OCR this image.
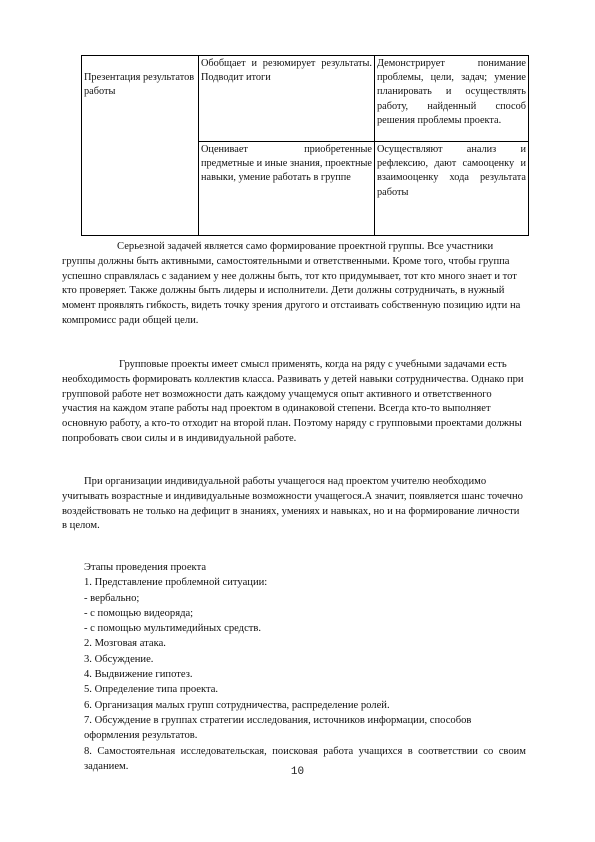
Презентация результатов работы	Обобщает и резюмирует результаты. Подводит итоги	Демонстрирует понимание проблемы, цели, задач; умение планировать и осуществлять работу, найденный способ решения проблемы проекта.
	Оценивает приобретенные предметные и иные знания, проектные навыки, умение работать в группе	Осуществляют анализ и рефлексию, дают самооценку и взаимооценку хода результата работы
Серьезной задачей является само формирование проектной группы. Все участники группы должны быть активными, самостоятельными и ответственными. Кроме того, чтобы группа успешно справлялась с заданием у нее должны быть, тот кто придумывает, тот кто много знает и тот кто проверяет. Также должны быть лидеры и исполнители. Дети должны сотрудничать, в нужный момент проявлять гибкость, видеть точку зрения другого и отстаивать собственную позицию идти на компромисс ради общей цели.
Групповые проекты имеет смысл применять, когда на ряду с учебными задачами есть необходимость формировать коллектив класса. Развивать у детей навыки сотрудничества. Однако при групповой работе нет возможности дать каждому учащемуся опыт активного и ответственного участия на каждом этапе работы над проектом в одинаковой степени. Всегда кто-то выполняет основную работу, а кто-то отходит на второй план. Поэтому наряду с групповыми проектами должны попробовать свои силы и в индивидуальной работе.
При организации индивидуальной работы учащегося над проектом учителю необходимо учитывать возрастные и индивидуальные возможности учащегося.А значит, появляется шанс точечно воздействовать не только на дефицит в знаниях, умениях и навыках, но и на формирование личности в целом.
Этапы проведения проекта
1. Представление проблемной ситуации:
- вербально;
- с помощью видеоряда;
- с помощью мультимедийных средств.
2. Мозговая атака.
3. Обсуждение.
4. Выдвижение гипотез.
5. Определение типа проекта.
6. Организация малых групп сотрудничества, распределение ролей.
7. Обсуждение в группах стратегии исследования, источников информации, способов оформления результатов.
8. Самостоятельная исследовательская, поисковая работа учащихся в соответствии со своим заданием.	10
